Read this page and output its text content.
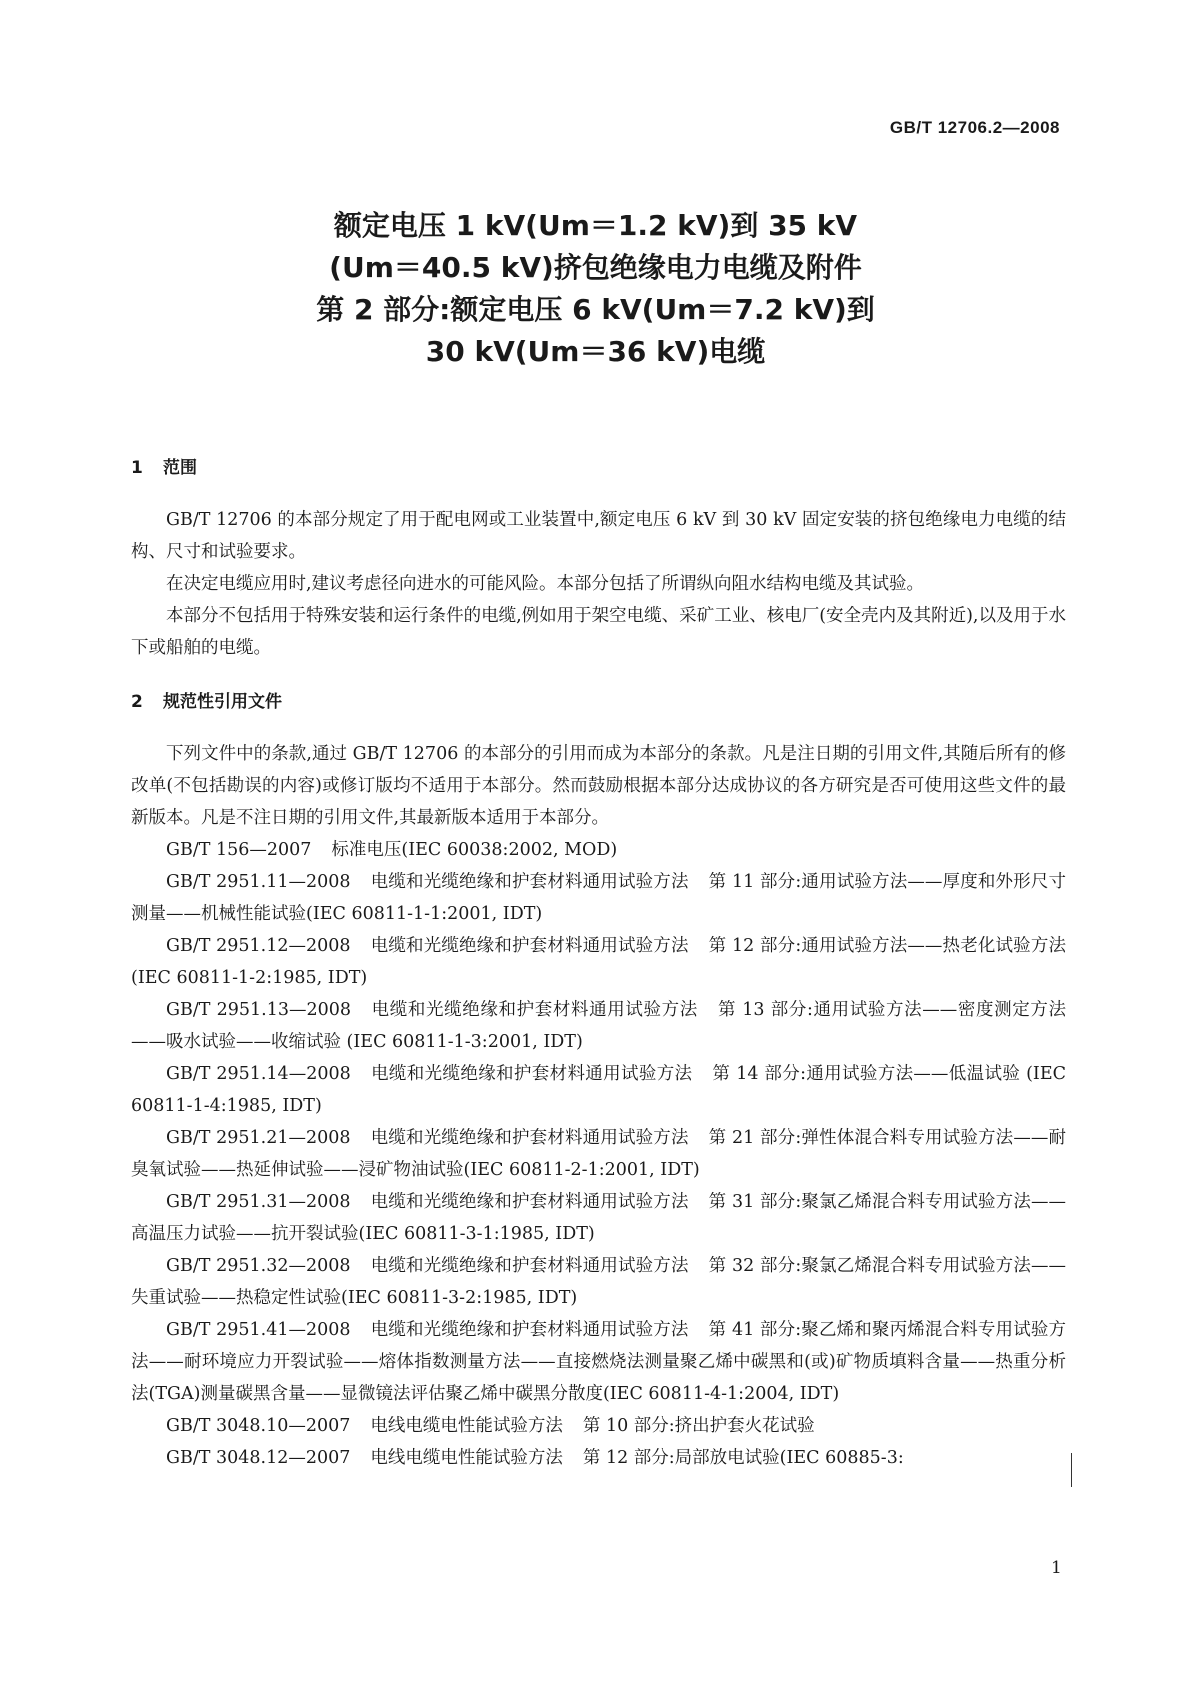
GB/T 12706.2—2008
额定电压 1 kV(Um＝1.2 kV)到 35 kV
(Um＝40.5 kV)挤包绝缘电力电缆及附件
第 2 部分:额定电压 6 kV(Um＝7.2 kV)到
30 kV(Um＝36 kV)电缆
1 范围

GB/T 12706 的本部分规定了用于配电网或工业装置中,额定电压 6 kV 到 30 kV 固定安装的挤包绝缘电力电缆的结构、尺寸和试验要求。

在决定电缆应用时,建议考虑径向进水的可能风险。本部分包括了所谓纵向阻水结构电缆及其试验。

本部分不包括用于特殊安装和运行条件的电缆,例如用于架空电缆、采矿工业、核电厂(安全壳内及其附近),以及用于水下或船舶的电缆。

2 规范性引用文件

下列文件中的条款,通过 GB/T 12706 的本部分的引用而成为本部分的条款。凡是注日期的引用文件,其随后所有的修改单(不包括勘误的内容)或修订版均不适用于本部分。然而鼓励根据本部分达成协议的各方研究是否可使用这些文件的最新版本。凡是不注日期的引用文件,其最新版本适用于本部分。

GB/T 156—2007 标准电压(IEC 60038:2002, MOD)

GB/T 2951.11—2008 电缆和光缆绝缘和护套材料通用试验方法 第 11 部分:通用试验方法——厚度和外形尺寸测量——机械性能试验(IEC 60811-1-1:2001, IDT)

GB/T 2951.12—2008 电缆和光缆绝缘和护套材料通用试验方法 第 12 部分:通用试验方法——热老化试验方法 (IEC 60811-1-2:1985, IDT)

GB/T 2951.13—2008 电缆和光缆绝缘和护套材料通用试验方法 第 13 部分:通用试验方法——密度测定方法——吸水试验——收缩试验 (IEC 60811-1-3:2001, IDT)

GB/T 2951.14—2008 电缆和光缆绝缘和护套材料通用试验方法 第 14 部分:通用试验方法——低温试验 (IEC 60811-1-4:1985, IDT)

GB/T 2951.21—2008 电缆和光缆绝缘和护套材料通用试验方法 第 21 部分:弹性体混合料专用试验方法——耐臭氧试验——热延伸试验——浸矿物油试验(IEC 60811-2-1:2001, IDT)

GB/T 2951.31—2008 电缆和光缆绝缘和护套材料通用试验方法 第 31 部分:聚氯乙烯混合料专用试验方法——高温压力试验——抗开裂试验(IEC 60811-3-1:1985, IDT)

GB/T 2951.32—2008 电缆和光缆绝缘和护套材料通用试验方法 第 32 部分:聚氯乙烯混合料专用试验方法——失重试验——热稳定性试验(IEC 60811-3-2:1985, IDT)

GB/T 2951.41—2008 电缆和光缆绝缘和护套材料通用试验方法 第 41 部分:聚乙烯和聚丙烯混合料专用试验方法——耐环境应力开裂试验——熔体指数测量方法——直接燃烧法测量聚乙烯中碳黑和(或)矿物质填料含量——热重分析法(TGA)测量碳黑含量——显微镜法评估聚乙烯中碳黑分散度(IEC 60811-4-1:2004, IDT)

GB/T 3048.10—2007 电线电缆电性能试验方法 第 10 部分:挤出护套火花试验

GB/T 3048.12—2007 电线电缆电性能试验方法 第 12 部分:局部放电试验(IEC 60885-3:

1
